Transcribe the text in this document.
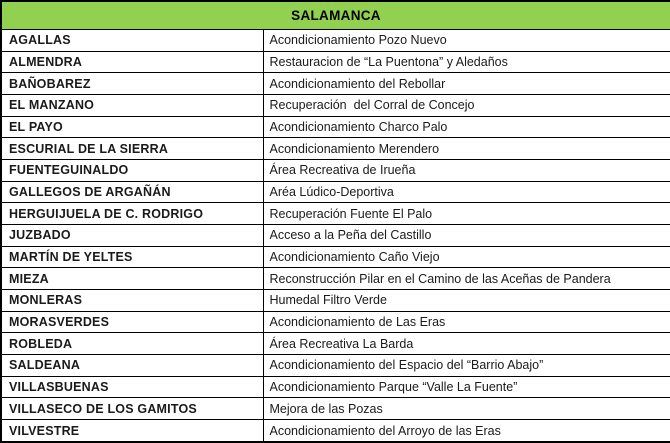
SALAMANCA	
AGALLAS	Acondicionamiento Pozo Nuevo
ALMENDRA	Restauracion de “La Puentona” y Aledaños
BAÑOBAREZ	Acondicionamiento del Rebollar
EL MANZANO	Recuperación  del Corral de Concejo
EL PAYO	Acondicionamiento Charco Palo
ESCURIAL DE LA SIERRA	Acondicionamiento Merendero
FUENTEGUINALDO	Área Recreativa de Irueña
GALLEGOS DE ARGAÑÁN	Aréa Lúdico-Deportiva
HERGUIJUELA DE C. RODRIGO	Recuperación Fuente El Palo
JUZBADO	Acceso a la Peña del Castillo
MARTÍN DE YELTES	Acondicionamiento Caño Viejo
MIEZA	Reconstrucción Pilar en el Camino de las Aceñas de Pandera
MONLERAS	Humedal Filtro Verde
MORASVERDES	Acondicionamiento de Las Eras
ROBLEDA	Área Recreativa La Barda
SALDEANA	Acondicionamiento del Espacio del “Barrio Abajo”
VILLASBUENAS	Acondicionamiento Parque “Valle La Fuente”
VILLASECO DE LOS GAMITOS	Mejora de las Pozas
VILVESTRE	Acondicionamiento del Arroyo de las Eras
